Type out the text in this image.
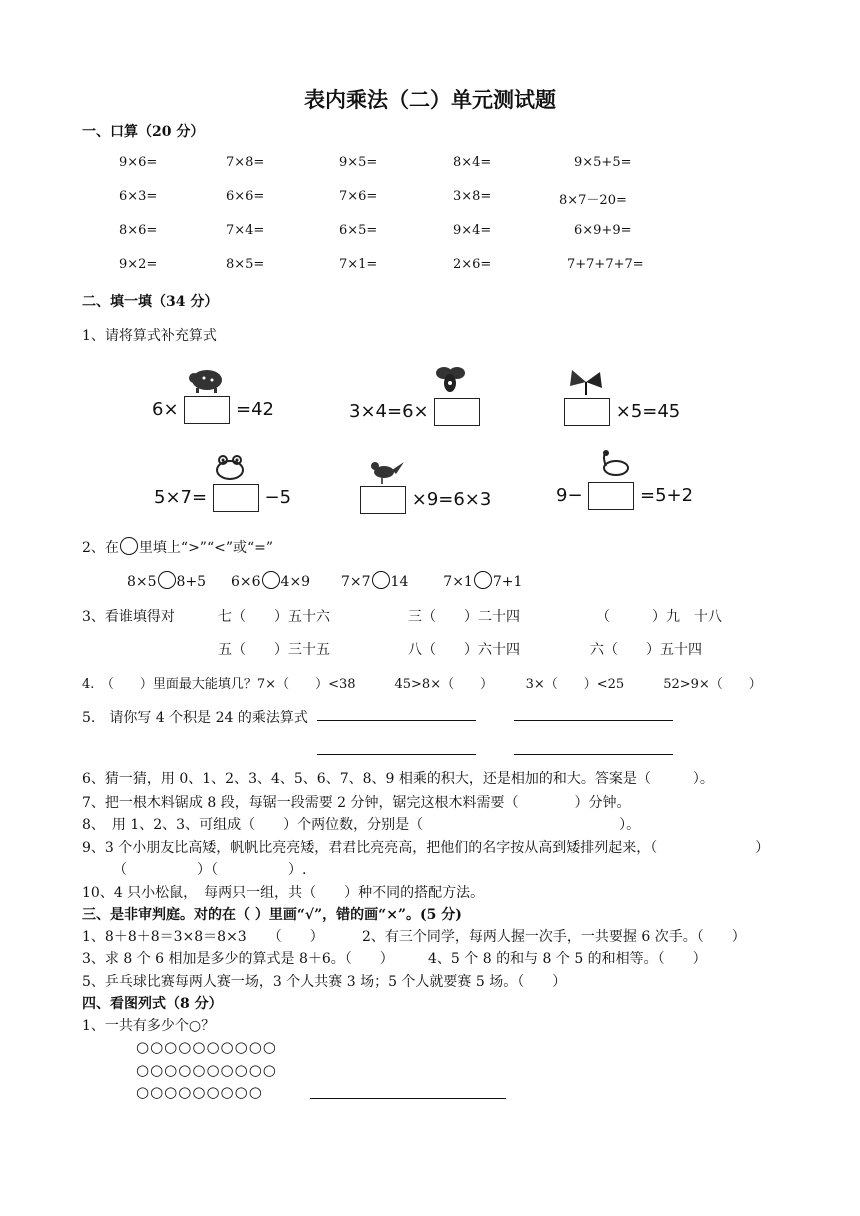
表内乘法（二）单元测试题
一、口算（20 分）
9×6=	7×8=	9×5=	8×4=	9×5+5=
6×3=	6×6=	7×6=	3×8=	8×7－20=
8×6=	7×4=	6×5=	9×4=	6×9+9=
9×2=	8×5=	7×1=	2×6=	7+7+7+7=
二、填一填（34 分）
1、请将算式补充算式
6×	=42	3×4=6×	×5=45
5×7=	−5	×9=6×3	9−	=5+2
2、在 里填上“>”“<”或“=”
8×5 8+5 6×6 4×9 7×7 14 7×1 7+1
3、看谁填得对	七（　　）五十六	三（　　）二十四	（　　　）九　十八
五（　　）三十五	八（　　）六十四	六（　　）五十四
4.　（　　）里面最大能填几？7×（　　）<38　　　45>8×（　　）　　　3×（　　）<25　　　52>9×（　　）
5.　请你写 4 个积是 24 的乘法算式
6、猜一猜，用 0、1、2、3、4、5、6、7、8、9 相乘的积大，还是相加的和大。答案是（　　　）。
7、把一根木料锯成 8 段，每锯一段需要 2 分钟，锯完这根木料需要（　　　　）分钟。
8、　用 1、2、3、可组成（　　）个两位数，分别是（　　　　　　　　　　　　　　）。
9、3 个小朋友比高矮，帆帆比亮亮矮，君君比亮亮高，把他们的名字按从高到矮排列起来，（　　　　　　　）
（　　　　　）（　　　　　）.
10、4 只小松鼠，　每两只一组，共（　　）种不同的搭配方法。
三、是非审判庭。对的在（ ）里画“√”，错的画“×”。(5 分)
1、8＋8＋8＝3×8＝8×3　　（　　）	2、有三个同学，每两人握一次手，一共要握 6 次手。（　　）
3、求 8 个 6 相加是多少的算式是 8＋6。（　　） 4、5 个 8 的和与 8 个 5 的和相等。（　　）
5、乒乓球比赛每两人赛一场，3 个人共赛 3 场；5 个人就要赛 5 场。（　　）
四、看图列式（8 分）
1、一共有多少个○？
○○○○○○○○○○
○○○○○○○○○○
○○○○○○○○○
